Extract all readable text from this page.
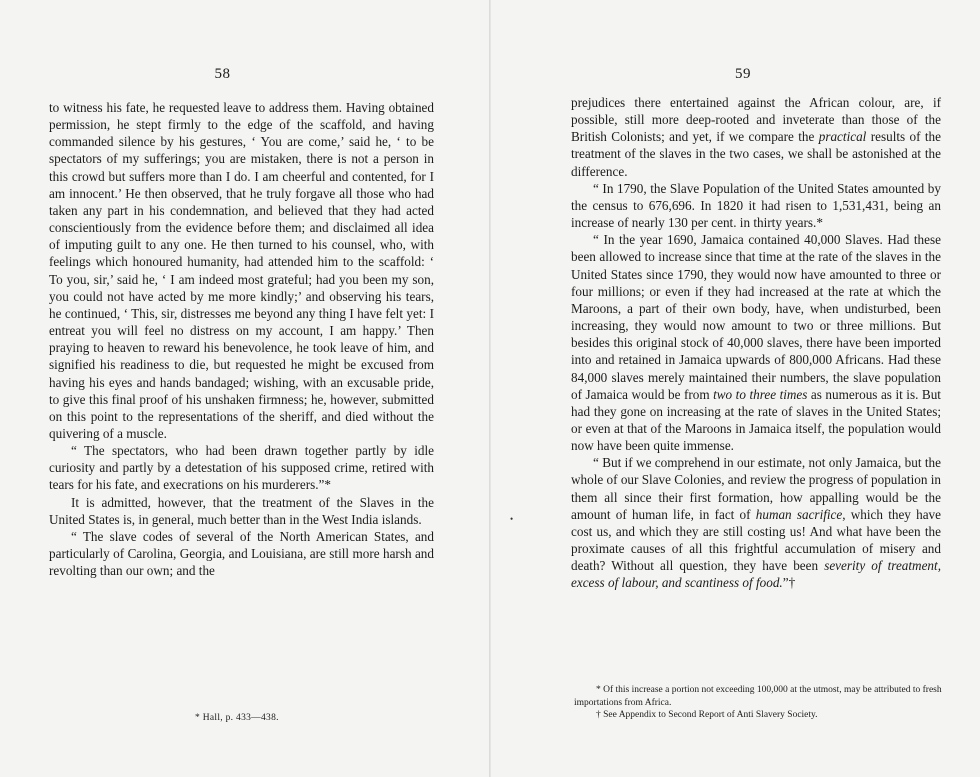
58

to witness his fate, he requested leave to address them. Having obtained permission, he stept firmly to the edge of the scaffold, and having commanded silence by his gestures, ‘ You are come,’ said he, ‘ to be spectators of my sufferings; you are mistaken, there is not a person in this crowd but suffers more than I do. I am cheerful and contented, for I am innocent.’ He then observed, that he truly forgave all those who had taken any part in his condemnation, and believed that they had acted conscientiously from the evidence before them; and disclaimed all idea of imputing guilt to any one. He then turned to his counsel, who, with feelings which honoured humanity, had attended him to the scaffold: ‘ To you, sir,’ said he, ‘ I am indeed most grateful; had you been my son, you could not have acted by me more kindly;’ and observing his tears, he continued, ‘ This, sir, distresses me beyond any thing I have felt yet: I entreat you will feel no distress on my account, I am happy.’ Then praying to heaven to reward his benevolence, he took leave of him, and signified his readiness to die, but requested he might be excused from having his eyes and hands bandaged; wishing, with an excusable pride, to give this final proof of his unshaken firmness; he, however, submitted on this point to the representations of the sheriff, and died without the quivering of a muscle.

“ The spectators, who had been drawn together partly by idle curiosity and partly by a detestation of his supposed crime, retired with tears for his fate, and execrations on his murderers.”*

It is admitted, however, that the treatment of the Slaves in the United States is, in general, much better than in the West India islands.

“ The slave codes of several of the North American States, and particularly of Carolina, Georgia, and Louisiana, are still more harsh and revolting than our own; and the

* Hall, p. 433—438.
59

prejudices there entertained against the African colour, are, if possible, still more deep-rooted and inveterate than those of the British Colonists; and yet, if we compare the practical results of the treatment of the slaves in the two cases, we shall be astonished at the difference.

“ In 1790, the Slave Population of the United States amounted by the census to 676,696. In 1820 it had risen to 1,531,431, being an increase of nearly 130 per cent. in thirty years.*

“ In the year 1690, Jamaica contained 40,000 Slaves. Had these been allowed to increase since that time at the rate of the slaves in the United States since 1790, they would now have amounted to three or four millions; or even if they had increased at the rate at which the Maroons, a part of their own body, have, when undisturbed, been increasing, they would now amount to two or three millions. But besides this original stock of 40,000 slaves, there have been imported into and retained in Jamaica upwards of 800,000 Africans. Had these 84,000 slaves merely maintained their numbers, the slave population of Jamaica would be from two to three times as numerous as it is. But had they gone on increasing at the rate of slaves in the United States; or even at that of the Maroons in Jamaica itself, the population would now have been quite immense.

“ But if we comprehend in our estimate, not only Jamaica, but the whole of our Slave Colonies, and review the progress of population in them all since their first formation, how appalling would be the amount of human life, in fact of human sacrifice, which they have cost us, and which they are still costing us! And what have been the proximate causes of all this frightful accumulation of misery and death? Without all question, they have been severity of treatment, excess of labour, and scantiness of food.”†

* Of this increase a portion not exceeding 100,000 at the utmost, may be attributed to fresh importations from Africa.

† See Appendix to Second Report of Anti Slavery Society.

•
